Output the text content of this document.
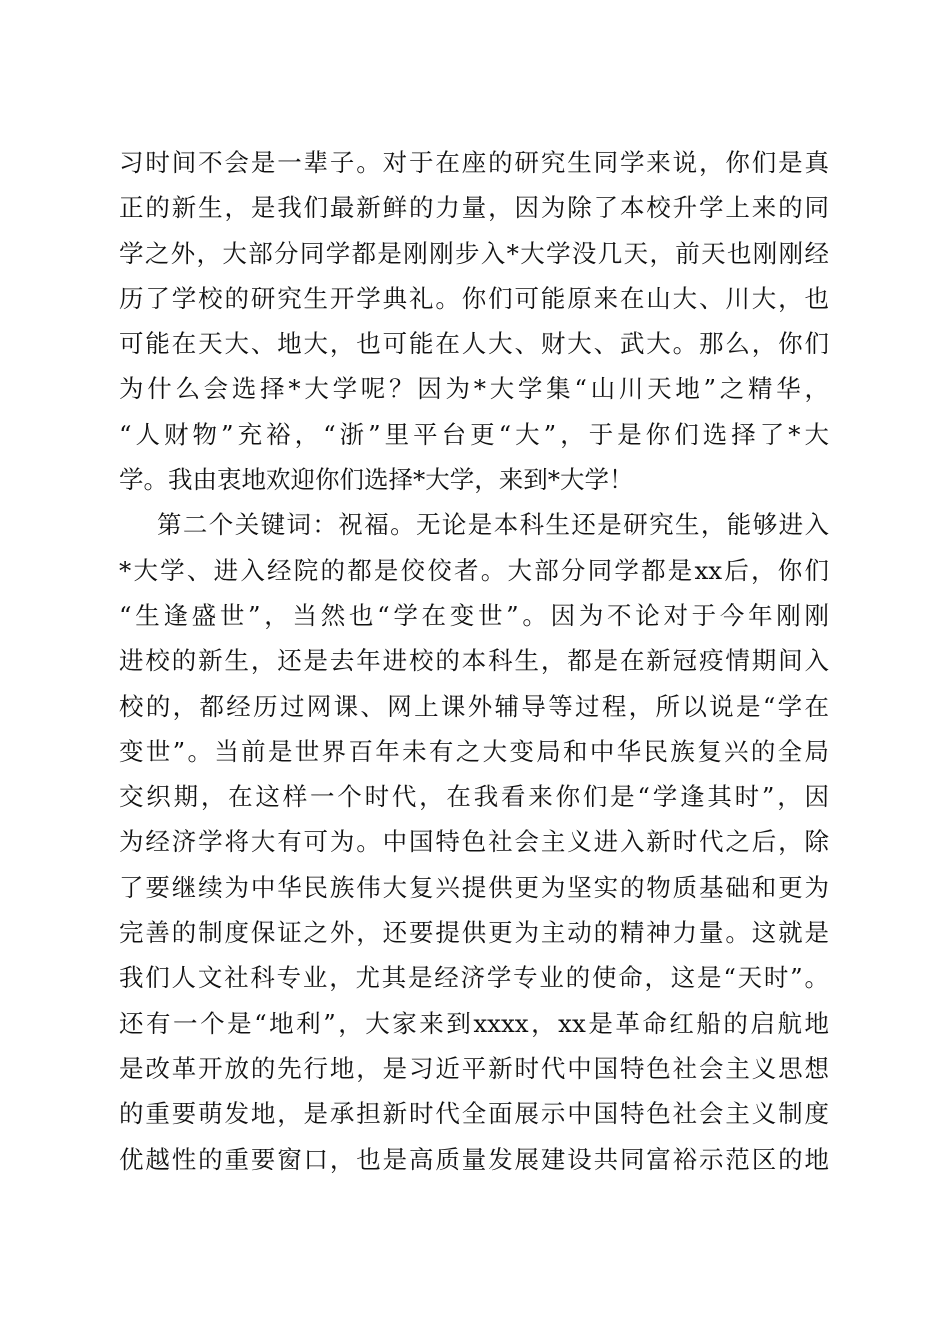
习时间不会是一辈子。对于在座的研究生同学来说，你们是真
正的新生，是我们最新鲜的力量，因为除了本校升学上来的同
学之外，大部分同学都是刚刚步入*大学没几天，前天也刚刚经
历了学校的研究生开学典礼。你们可能原来在山大、川大，也
可能在天大、地大，也可能在人大、财大、武大。那么，你们
为什么会选择*大学呢？因为*大学集“山川天地”之精华，
“人财物”充裕，“浙”里平台更“大”，于是你们选择了*大
学。我由衷地欢迎你们选择*大学，来到*大学！
第二个关键词：祝福。无论是本科生还是研究生，能够进入
*大学、进入经院的都是佼佼者。大部分同学都是xx后，你们
“生逢盛世”，当然也“学在变世”。因为不论对于今年刚刚
进校的新生，还是去年进校的本科生，都是在新冠疫情期间入
校的，都经历过网课、网上课外辅导等过程，所以说是“学在
变世”。当前是世界百年未有之大变局和中华民族复兴的全局
交织期，在这样一个时代，在我看来你们是“学逢其时”，因
为经济学将大有可为。中国特色社会主义进入新时代之后，除
了要继续为中华民族伟大复兴提供更为坚实的物质基础和更为
完善的制度保证之外，还要提供更为主动的精神力量。这就是
我们人文社科专业，尤其是经济学专业的使命，这是“天时”。
还有一个是“地利”，大家来到xxxx，xx是革命红船的启航地
是改革开放的先行地，是习近平新时代中国特色社会主义思想
的重要萌发地，是承担新时代全面展示中国特色社会主义制度
优越性的重要窗口，也是高质量发展建设共同富裕示范区的地
